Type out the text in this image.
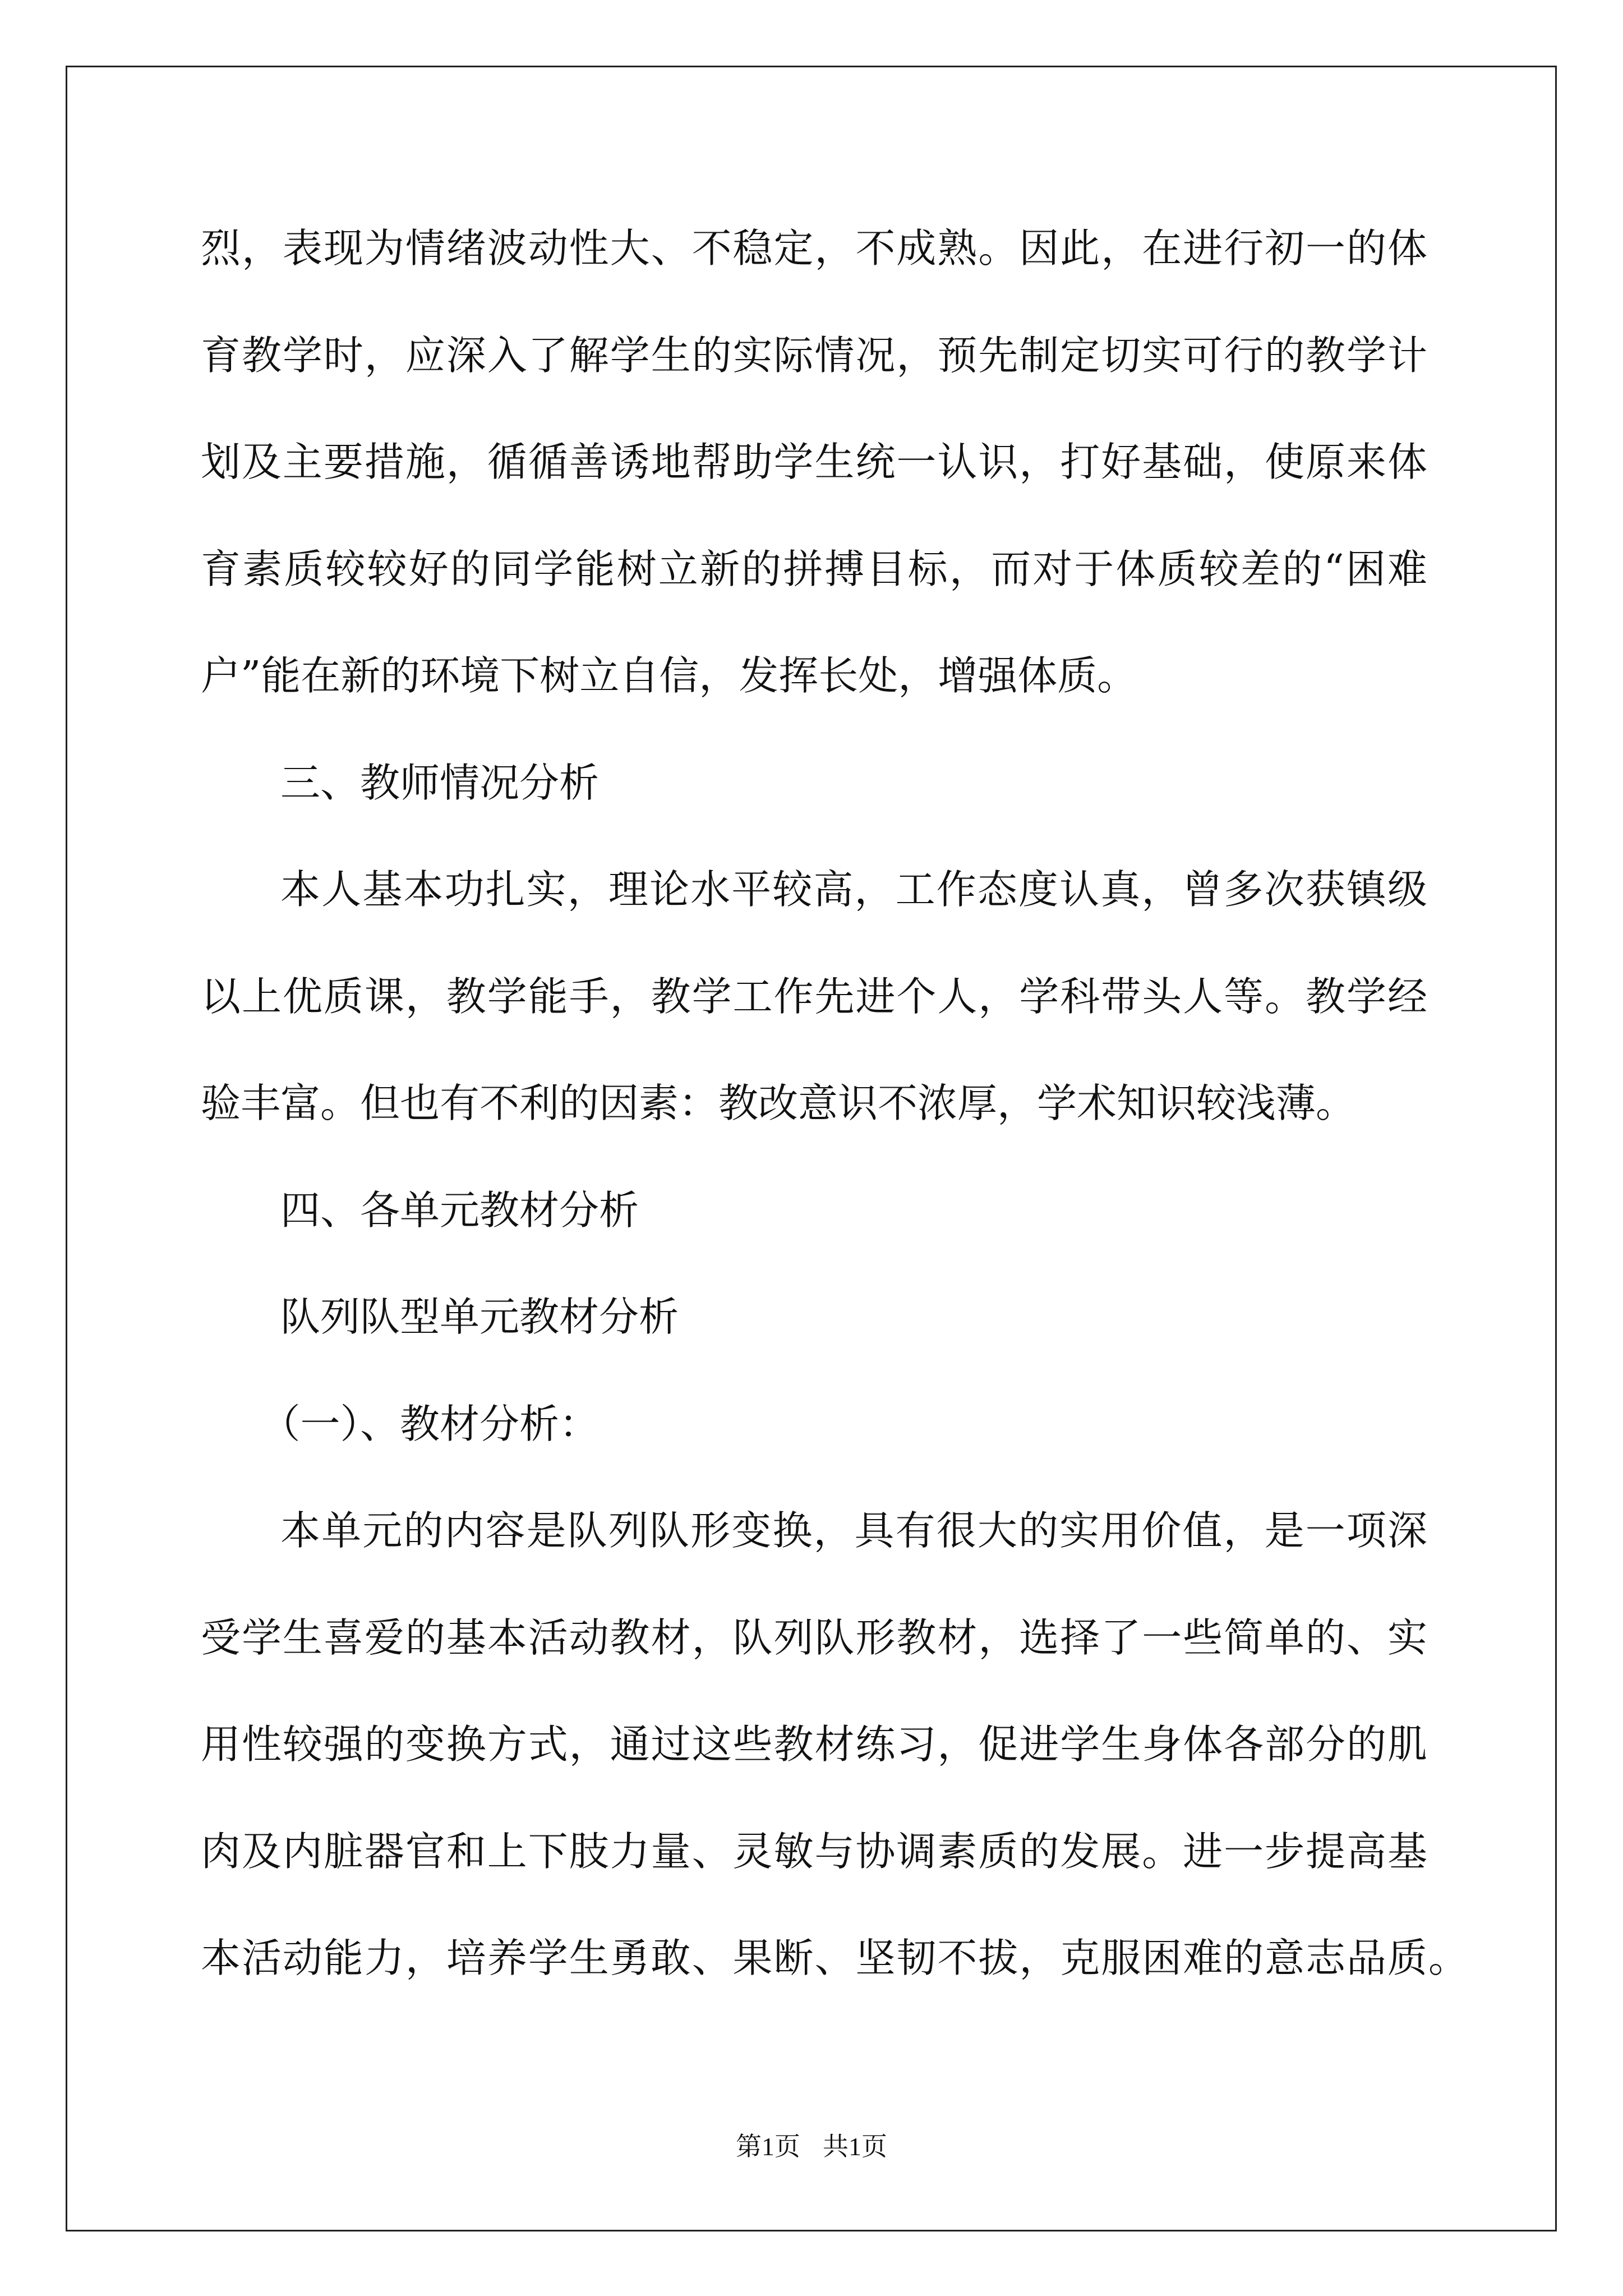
烈，表现为情绪波动性大、不稳定，不成熟。因此，在进行初一的体
育教学时，应深入了解学生的实际情况，预先制定切实可行的教学计
划及主要措施，循循善诱地帮助学生统一认识，打好基础，使原来体
育素质较较好的同学能树立新的拼搏目标，而对于体质较差的“困难
户”能在新的环境下树立自信，发挥长处，增强体质。
三、教师情况分析
本人基本功扎实，理论水平较高，工作态度认真，曾多次获镇级
以上优质课，教学能手，教学工作先进个人，学科带头人等。教学经
验丰富。但也有不利的因素：教改意识不浓厚，学术知识较浅薄。
四、各单元教材分析
队列队型单元教材分析
（一）、教材分析：
本单元的内容是队列队形变换，具有很大的实用价值，是一项深
受学生喜爱的基本活动教材，队列队形教材，选择了一些简单的、实
用性较强的变换方式，通过这些教材练习，促进学生身体各部分的肌
肉及内脏器官和上下肢力量、灵敏与协调素质的发展。进一步提高基
本活动能力，培养学生勇敢、果断、坚韧不拔，克服困难的意志品质。
第1页 共1页
